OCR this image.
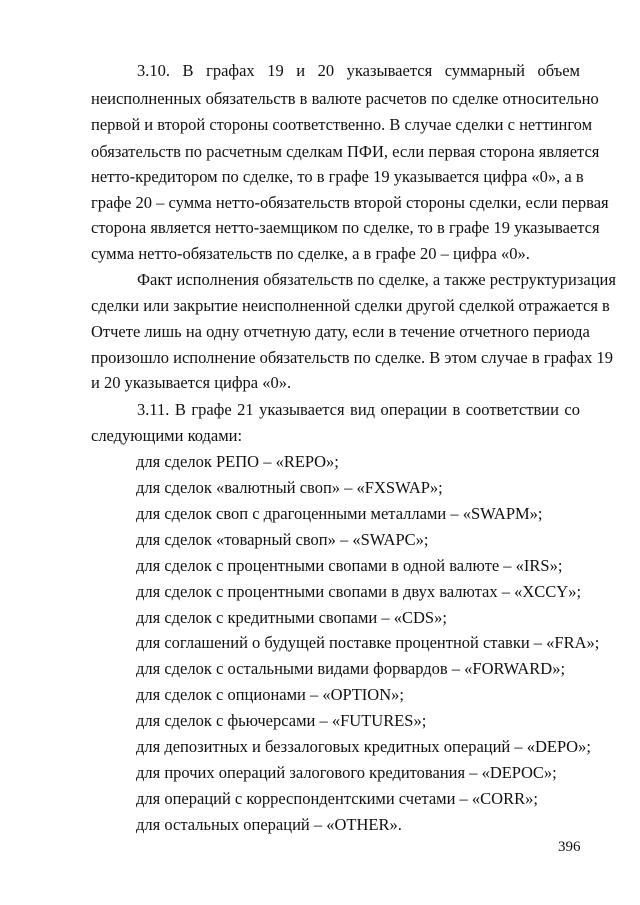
3.10. В графах 19 и 20 указывается суммарный объем
неисполненных обязательств в валюте расчетов по сделке относительно
первой и второй стороны соответственно. В случае сделки с неттингом
обязательств по расчетным сделкам ПФИ, если первая сторона является
нетто-кредитором по сделке, то в графе 19 указывается цифра «0», а в
графе 20 – сумма нетто-обязательств второй стороны сделки, если первая
сторона является нетто-заемщиком по сделке, то в графе 19 указывается
сумма нетто-обязательств по сделке, а в графе 20 – цифра «0».
Факт исполнения обязательств по сделке, а также реструктуризация
сделки или закрытие неисполненной сделки другой сделкой отражается в
Отчете лишь на одну отчетную дату, если в течение отчетного периода
произошло исполнение обязательств по сделке. В этом случае в графах 19
и 20 указывается цифра «0».
3.11. В графе 21 указывается вид операции в соответствии со
следующими кодами:
для сделок РЕПО – «REPO»;
для сделок «валютный своп» – «FXSWAP»;
для сделок своп с драгоценными металлами – «SWAPM»;
для сделок «товарный своп» – «SWAPC»;
для сделок с процентными свопами в одной валюте – «IRS»;
для сделок с процентными свопами в двух валютах – «XCCY»;
для сделок с кредитными свопами – «CDS»;
для соглашений о будущей поставке процентной ставки – «FRA»;
для сделок с остальными видами форвардов – «FORWARD»;
для сделок с опционами – «OPTION»;
для сделок с фьючерсами – «FUTURES»;
для депозитных и беззалоговых кредитных операций – «DEPO»;
для прочих операций залогового кредитования – «DEPOC»;
для операций с корреспондентскими счетами – «CORR»;
для остальных операций – «OTHER».
396
